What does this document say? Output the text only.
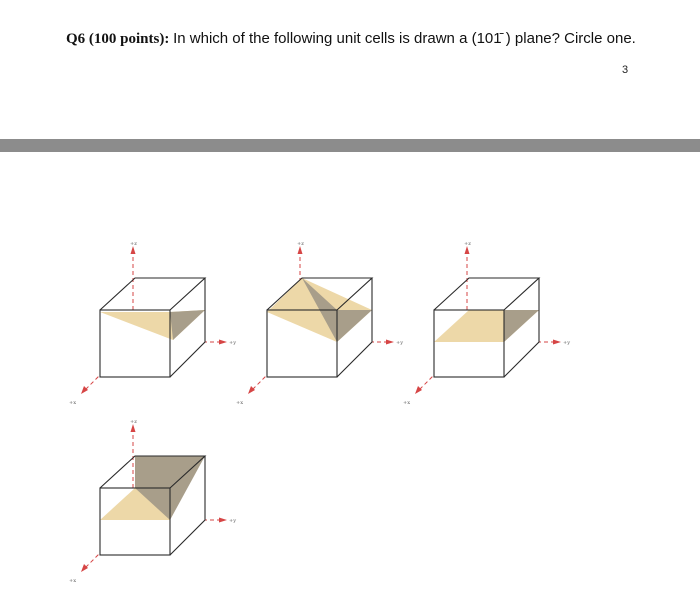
Q6 (100 points): In which of the following unit cells is drawn a (101̄ ) plane? Circle one.
3
+z
+y
+x
+z
+y
+x
+z
+y
+x
+z
+y
+x
